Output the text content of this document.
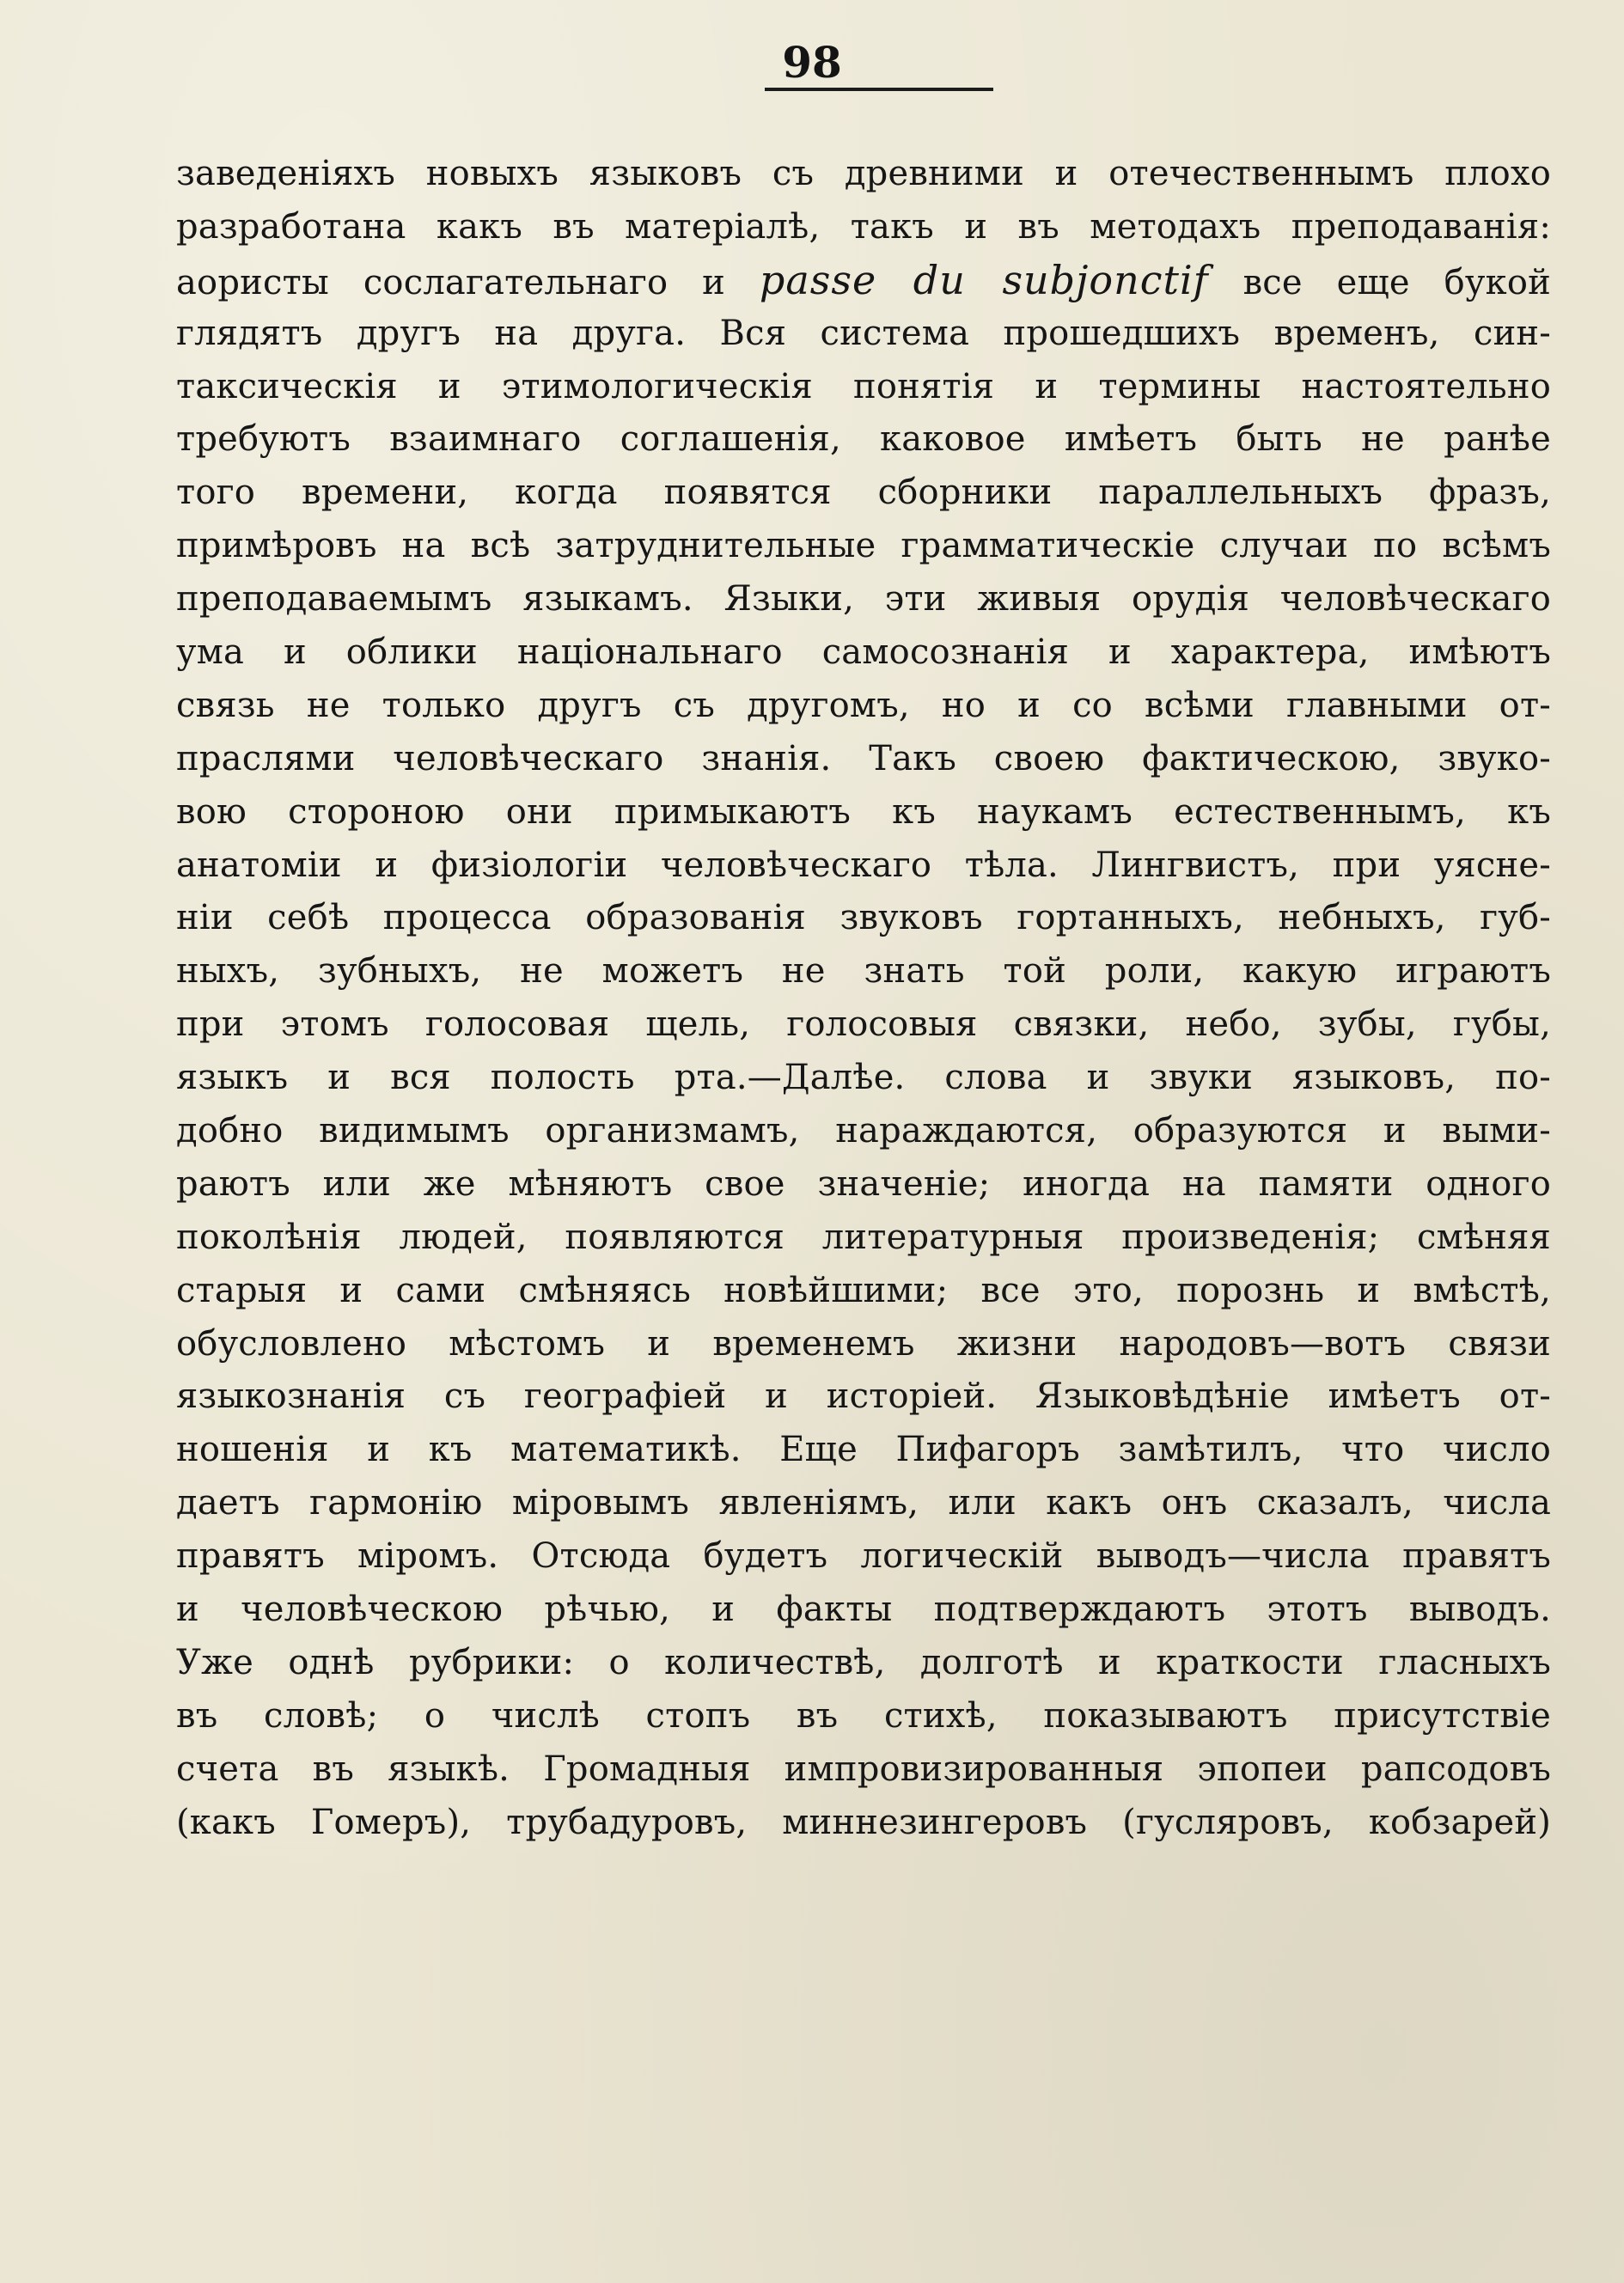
98
заведеніяхъ новыхъ языковъ съ древними и отечественнымъ плохо
разработана какъ въ матеріалѣ, такъ и въ методахъ преподаванія:
аористы сослагательнаго и passe du subjonctif все еще букой
глядятъ другъ на друга. Вся система прошедшихъ временъ, син-
таксическія и этимологическія понятія и термины настоятельно
требуютъ взаимнаго соглашенія, каковое имѣетъ быть не ранѣе
того времени, когда появятся сборники параллельныхъ фразъ,
примѣровъ на всѣ затруднительные грамматическіе случаи по всѣмъ
преподаваемымъ языкамъ. Языки, эти живыя орудія человѣческаго
ума и облики національнаго самосознанія и характера, имѣютъ
связь не только другъ съ другомъ, но и со всѣми главными от-
праслями человѣческаго знанія. Такъ своею фактическою, звуко-
вою стороною они примыкаютъ къ наукамъ естественнымъ, къ
анатоміи и физіологіи человѣческаго тѣла. Лингвистъ, при уясне-
ніи себѣ процесса образованія звуковъ гортанныхъ, небныхъ, губ-
ныхъ, зубныхъ, не можетъ не знать той роли, какую играютъ
при этомъ голосовая щель, голосовыя связки, небо, зубы, губы,
языкъ и вся полость рта.—Далѣе. слова и звуки языковъ, по-
добно видимымъ организмамъ, нараждаются, образуются и выми-
раютъ или же мѣняютъ свое значеніе; иногда на памяти одного
поколѣнія людей, появляются литературныя произведенія; смѣняя
старыя и сами смѣняясь новѣйшими; все это, порознь и вмѣстѣ,
обусловлено мѣстомъ и временемъ жизни народовъ—вотъ связи
языкознанія съ географіей и исторіей. Языковѣдѣніе имѣетъ от-
ношенія и къ математикѣ. Еще Пифагоръ замѣтилъ, что число
даетъ гармонію міровымъ явленіямъ, или какъ онъ сказалъ, числа
правятъ міромъ. Отсюда будетъ логическій выводъ—числа правятъ
и человѣческою рѣчью, и факты подтверждаютъ этотъ выводъ.
Уже однѣ рубрики: о количествѣ, долготѣ и краткости гласныхъ
въ словѣ; о числѣ стопъ въ стихѣ, показываютъ присутствіе
счета въ языкѣ. Громадныя импровизированныя эпопеи рапсодовъ
(какъ Гомеръ), трубадуровъ, миннезингеровъ (гусляровъ, кобзарей)
